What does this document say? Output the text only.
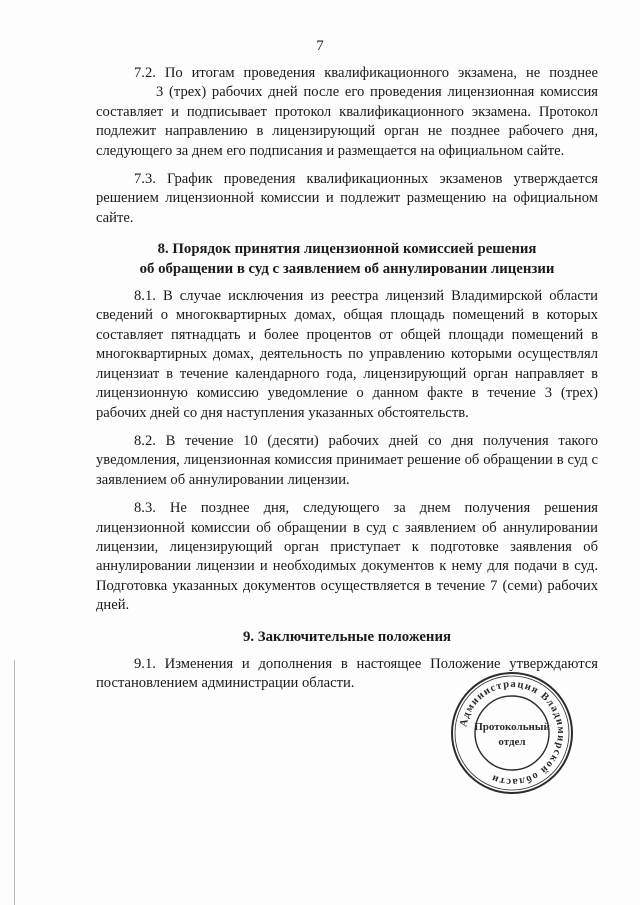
7

7.2. По итогам проведения квалификационного экзамена, не позднее3 (трех) рабочих дней после его проведения лицензионная комиссия составляет и подписывает протокол квалификационного экзамена. Протокол подлежит направлению в лицензирующий орган не позднее рабочего дня, следующего за днем его подписания и размещается на официальном сайте.

7.3. График проведения квалификационных экзаменов утверждается решением лицензионной комиссии и подлежит размещению на официальном сайте.

8. Порядок принятия лицензионной комиссией решения
об обращении в суд с заявлением об аннулировании лицензии

8.1. В случае исключения из реестра лицензий Владимирской области сведений о многоквартирных домах, общая площадь помещений в которых составляет пятнадцать и более процентов от общей площади помещений в многоквартирных домах, деятельность по управлению которыми осуществлял лицензиат в течение календарного года, лицензирующий орган направляет в лицензионную комиссию уведомление о данном факте в течение 3 (трех) рабочих дней со дня наступления указанных обстоятельств.

8.2. В течение 10 (десяти) рабочих дней со дня получения такого уведомления, лицензионная комиссия принимает решение об обращении в суд с заявлением об аннулировании лицензии.

8.3. Не позднее дня, следующего за днем получения решения лицензионной комиссии об обращении в суд с заявлением об аннулировании лицензии, лицензирующий орган приступает к подготовке заявления об аннулировании лицензии и необходимых документов к нему для подачи в суд. Подготовка указанных документов осуществляется в течение 7 (семи) рабочих дней.

9. Заключительные положения

9.1. Изменения и дополнения в настоящее Положение утверждаются постановлением администрации области.

Администрация Владимирской области
Протокольный
отдел
